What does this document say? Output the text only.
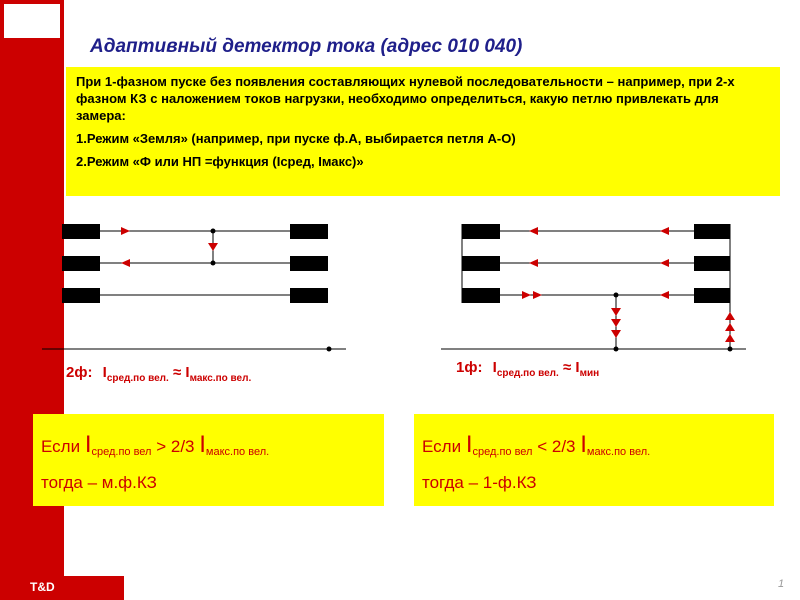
T&D	1
Адаптивный детектор тока (адрес 010 040)

При 1-фазном пуске без появления составляющих нулевой последовательности – например, при 2-х фазном КЗ с наложением токов нагрузки, необходимо определиться, какую петлю привлекать для замера:

1.Режим «Земля» (например, при пуске ф.А, выбирается петля А-О)

2.Режим «Ф или НП =функция (Iсред, Iмакс)»

2ф: $I_{сред.по вел.} \approx I_{макс.по вел.}$
1ф: $I_{сред.по вел.} \approx I_{мин}$
Если Iсред.по вел > 2/3 Iмакс.по вел.
тогда – м.ф.КЗ
Если Iсред.по вел < 2/3 Iмакс.по вел.
тогда – 1-ф.КЗ
